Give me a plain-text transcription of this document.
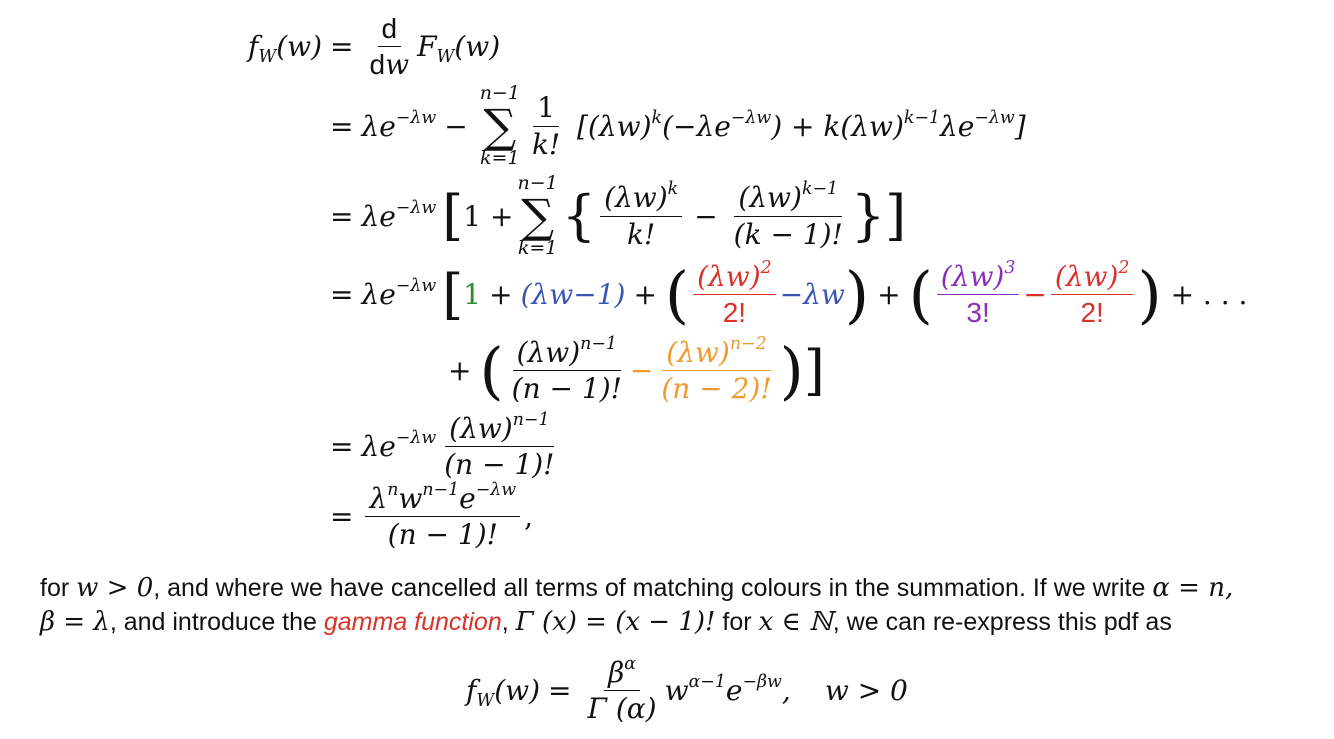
$f_W(w) = \frac{d}{dw} F_W(w)$
= $\lambda e^{-\lambda w}$ −
n−1
∑
$k=1 \frac{1}{k!} [(\lambda w)^k(-\lambda e^{-\lambda w}) + k(\lambda w)^{k-1}\lambda e^{-\lambda w}]$
= $\lambda e^{-\lambda w}$ [ 1 +
n−1
∑
k=1
{ $\frac{(\lambda w)^k}{k!} - \frac{(\lambda w)^{k-1}}{(k - 1)!}$ }]
= $\lambda e^{-\lambda w}$ [ 1 + (λw−1) + ( $\frac{(\lambda w)^2}{2!} -\lambda w$ ) + ( $\frac{(\lambda w)^3}{3!} - \frac{(\lambda w)^2}{2!}$ ) + . . .
+ ( $\frac{(\lambda w)^{n-1}}{(n - 1)!} - \frac{(\lambda w)^{n-2}}{(n - 2)!}$ ) ]
= $\lambda e^{-\lambda w} \frac{(\lambda w)^{n-1}}{(n - 1)!}$
= $\frac{\lambda^nw^{n-1}e^{-\lambda w}}{(n - 1)!}$ ,
for w > 0, and where we have cancelled all terms of matching colours in the summation. If we write α = n,
β = λ, and introduce the gamma function, Γ (x) = (x − 1)! for x ∈ ℕ, we can re-express this pdf as
$f_W(w) = \frac{\beta^\alpha}{\Gamma (\alpha)} w^{\alpha-1}e^{-\beta w}$, w > 0
